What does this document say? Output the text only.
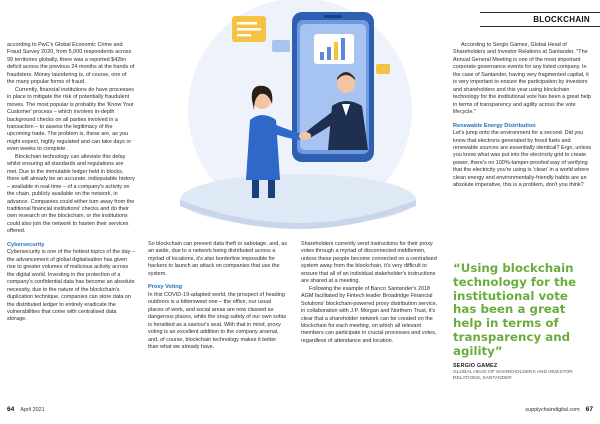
BLOCKCHAIN

according to PwC's Global Economic Crime and Fraud Survey 2020, from 5,000 respondents across 99 territories globally, there was a reported $42bn deficit across the previous 24 months at the hands of fraudsters. Money laundering is, of course, one of the many popular forms of fraud.

Currently, financial institutions do have processes in place to mitigate the risk of potentially fraudulent moves. The most popular is probably the 'Know Your Customer' process – which involves in-depth background checks on all parties involved in a transaction – to assess the legitimacy of the upcoming trade. The problem is, these are, as you might expect, highly regulated and can take days or even weeks to complete.

Blockchain technology can alleviate this delay whilst ensuring all standards and regulations are met. Due to the immutable ledger held in blocks, there will already be an accurate, indisputable history – available in real-time – of a company's activity on the chain, publicly available on the network, in advance. Companies could either turn away from the traditional financial institutions' checks and do their own research on the blockchain, or the institutions could also join the network to hasten their services offered.

Cybersecurity

Cybersecurity is one of the hottest topics of the day – the advancement of global digitalisation has given rise to greater volumes of malicious activity across the digital world. Investing in the protection of a company's confidential data has become an absolute necessity, due to the nature of the blockchain's duplication technique, companies can store data on the distributed ledger to entirely eradicate the vulnerabilities that come with centralised data storage.

So blockchain can prevent data theft or sabotage, and, as an aside, due to a network being distributed across a myriad of locations, it's also borderline impossible for hackers to launch an attack on companies that use the system.

Proxy Voting

In this COVID-19-adapted world, the prospect of heading outdoors is a bittersweet one – the office, our usual places of work, and social areas are now classed as dangerous places, while the snug safety of our own sofas is heralded as a saviour's seat. With that in mind, proxy voting is an excellent addition to the company arsenal, and, of course, blockchain technology makes it better than what we already have.

Shareholders currently send instructions for their proxy votes through a myriad of disconnected middlemen, unless these people become connected on a centralised system away from the blockchain, it's very difficult to ensure that all of an individual stakeholder's instructions are shared at a meeting.

Following the example of Banco Santander's 2018 AGM facilitated by Fintech leader Broadridge Financial Solutions' blockchain-powered proxy distribution service, in collaboration with J.P. Morgan and Northern Trust, it's clear that a shareholder network can be created on the blockchain for each meeting, on which all relevant members can participate in crucial processes and votes, regardless of attendance and location.

According to Sergio Gámez, Global Head of Shareholders and Investor Relations at Santander, "The Annual General Meeting is one of the most important corporate governance events for any listed company. In the case of Santander, having very fragmented capital, it is very important to ensure the participation by investors and shareholders and this year using blockchain technology for the institutional vote has been a great help in terms of transparency and agility across the vote lifecycle."

Renewable Energy Distribution

Let's jump onto the environment for a second. Did you know that electrons generated by fossil fuels and renewable sources are essentially identical? Ergo, unless you know what was put into the electricity grid to create power, there's no 100%-tamper-proofed way of verifying that the electricity you're using is 'clean' in a world where clean energy and environmentally-friendly habits are an absolute imperative, this is a problem, don't you think?

“Using blockchain technology for the institutional vote has been a great help in terms of transparency and agility”
SERGIO GAMEZ
GLOBAL HEAD OF SHAREHOLDERS AND INVESTOR RELATIONS, SANTANDER
64 April 2021	supplychaindigital.com 67
